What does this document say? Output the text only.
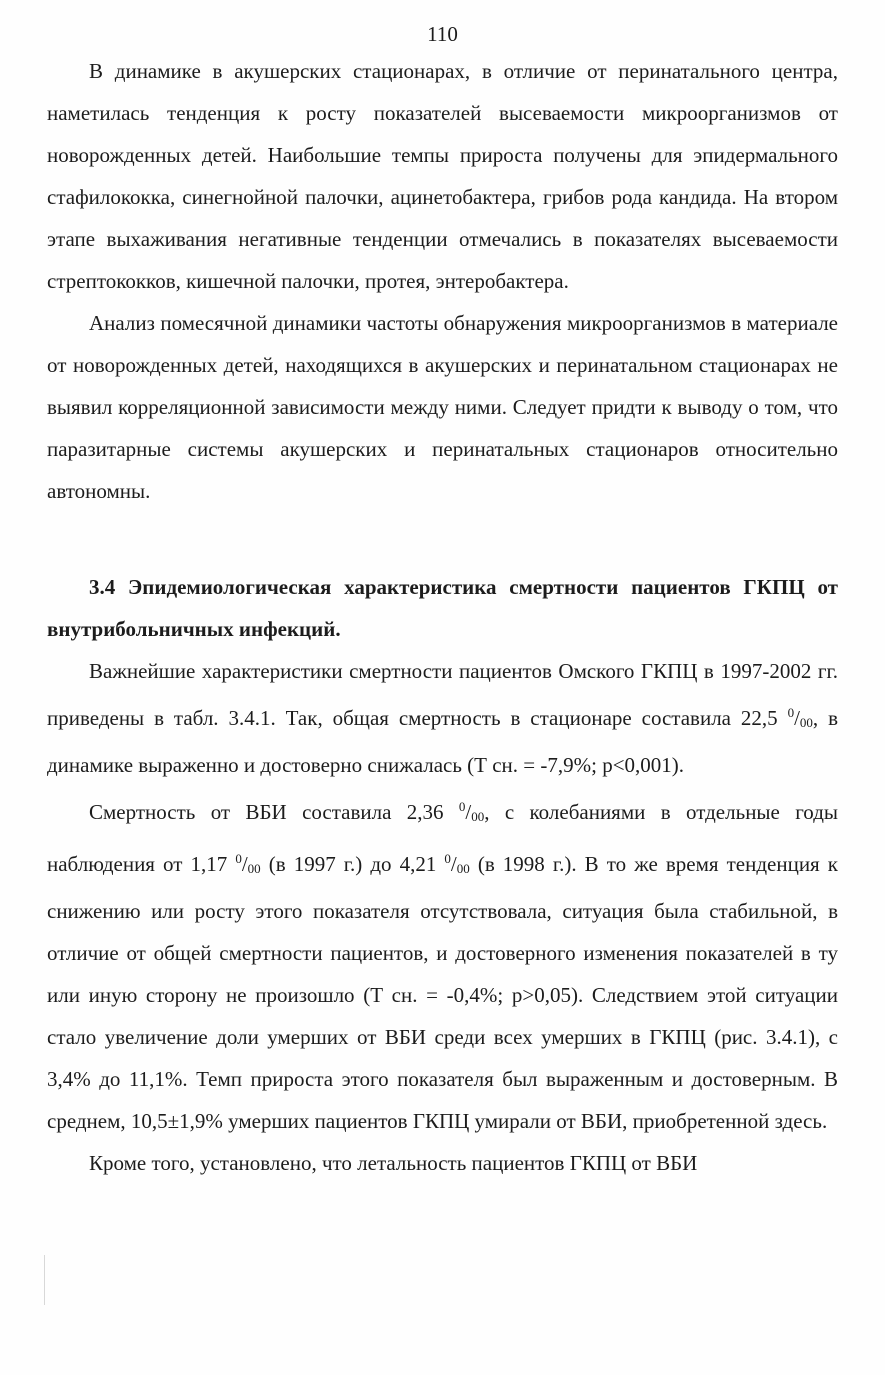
110

В динамике в акушерских стационарах, в отличие от перинатального центра, наметилась тенденция к росту показателей высеваемости микроорганизмов от новорожденных детей. Наибольшие темпы прироста получены для эпидермального стафилококка, синегнойной палочки, ацинетобактера, грибов рода кандида. На втором этапе выхаживания негативные тенденции отмечались в показателях высеваемости стрептококков, кишечной палочки, протея, энтеробактера.

Анализ помесячной динамики частоты обнаружения микроорганизмов в материале от новорожденных детей, находящихся в акушерских и перинатальном стационарах не выявил корреляционной зависимости между ними. Следует придти к выводу о том, что паразитарные системы акушерских и перинатальных стационаров относительно автономны.

3.4 Эпидемиологическая характеристика смертности пациентов ГКПЦ от внутрибольничных инфекций.

Важнейшие характеристики смертности пациентов Омского ГКПЦ в 1997-2002 гг. приведены в табл. 3.4.1. Так, общая смертность в стационаре составила 22,5 $^0/_{00}$, в динамике выраженно и достоверно снижалась (Т сн. = -7,9%; p<0,001).

Смертность от ВБИ составила 2,36 $^0/_{00}$, с колебаниями в отдельные годы наблюдения от 1,17 $^0/_{00}$ (в 1997 г.) до 4,21 $^0/_{00}$ (в 1998 г.). В то же время тенденция к снижению или росту этого показателя отсутствовала, ситуация была стабильной, в отличие от общей смертности пациентов, и достоверного изменения показателей в ту или иную сторону не произошло (Т сн. = -0,4%; p>0,05). Следствием этой ситуации стало увеличение доли умерших от ВБИ среди всех умерших в ГКПЦ (рис. 3.4.1), с 3,4% до 11,1%. Темп прироста этого показателя был выраженным и достоверным. В среднем, 10,5±1,9% умерших пациентов ГКПЦ умирали от ВБИ, приобретенной здесь.

Кроме того, установлено, что летальность пациентов ГКПЦ от ВБИ
